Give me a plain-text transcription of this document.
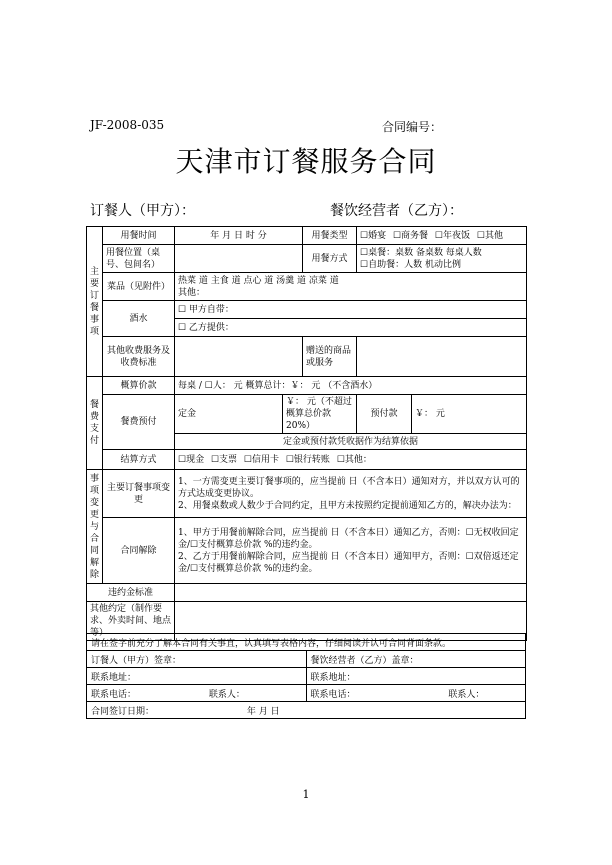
JF-2008-035	合同编号：
天津市订餐服务合同
订餐人（甲方）：	餐饮经营者（乙方）：
主要订餐事项	用餐时间	年 月 日 时 分		用餐类型	☐婚宴 ☐商务餐 ☐年夜饭 ☐其他	
	用餐位置（桌号、包间名）			用餐方式	☐桌餐：桌数 备桌数 每桌人数
☐自助餐：人数 机动比例	

	菜品（见附件）	热菜 道 主食 道 点心 道 汤羹 道 凉菜 道
其他：				

	酒水	☐ 甲方自带：				
		☐ 乙方提供：				
	其他收费服务及收费标准			赠送的商品或服务		

餐费支付	概算价款	每桌 / ☐人： 元 概算总计：￥： 元 （不含酒水）				
	餐费预付	定金	￥： 元（不超过概算总价款 20%）		预付款	￥： 元
		定金或预付款凭收据作为结算依据				
	结算方式	☐现金 ☐支票 ☐信用卡 ☐银行转账 ☐其他：				

事项变更与合同解除	主要订餐事项变更	1、一方需变更主要订餐事项的，应当提前 日（不含本日）通知对方，并以双方认可的方式达成变更协议。
2、用餐桌数或人数少于合同约定，且甲方未按照约定提前通知乙方的，解决办法为：				

	合同解除	1、甲方于用餐前解除合同，应当提前 日（不含本日）通知乙方，否则：☐无权收回定金/☐支付概算总价款 %的违约金。
2、乙方于用餐前解除合同，应当提前 日（不含本日）通知甲方，否则：☐双倍返还定金/☐支付概算总价款 %的违约金。				

违约金标准						
其他约定（制作要求、外卖时间、地点等）						
请在签字前充分了解本合同有关事宜，认真填写表格内容，仔细阅读并认可合同背面条款。	
订餐人（甲方）签章：	餐饮经营者（乙方）盖章：
联系地址：	联系地址：
联系电话： 联系人：	联系电话： 联系人：
合同签订日期： 年 月 日	
1
